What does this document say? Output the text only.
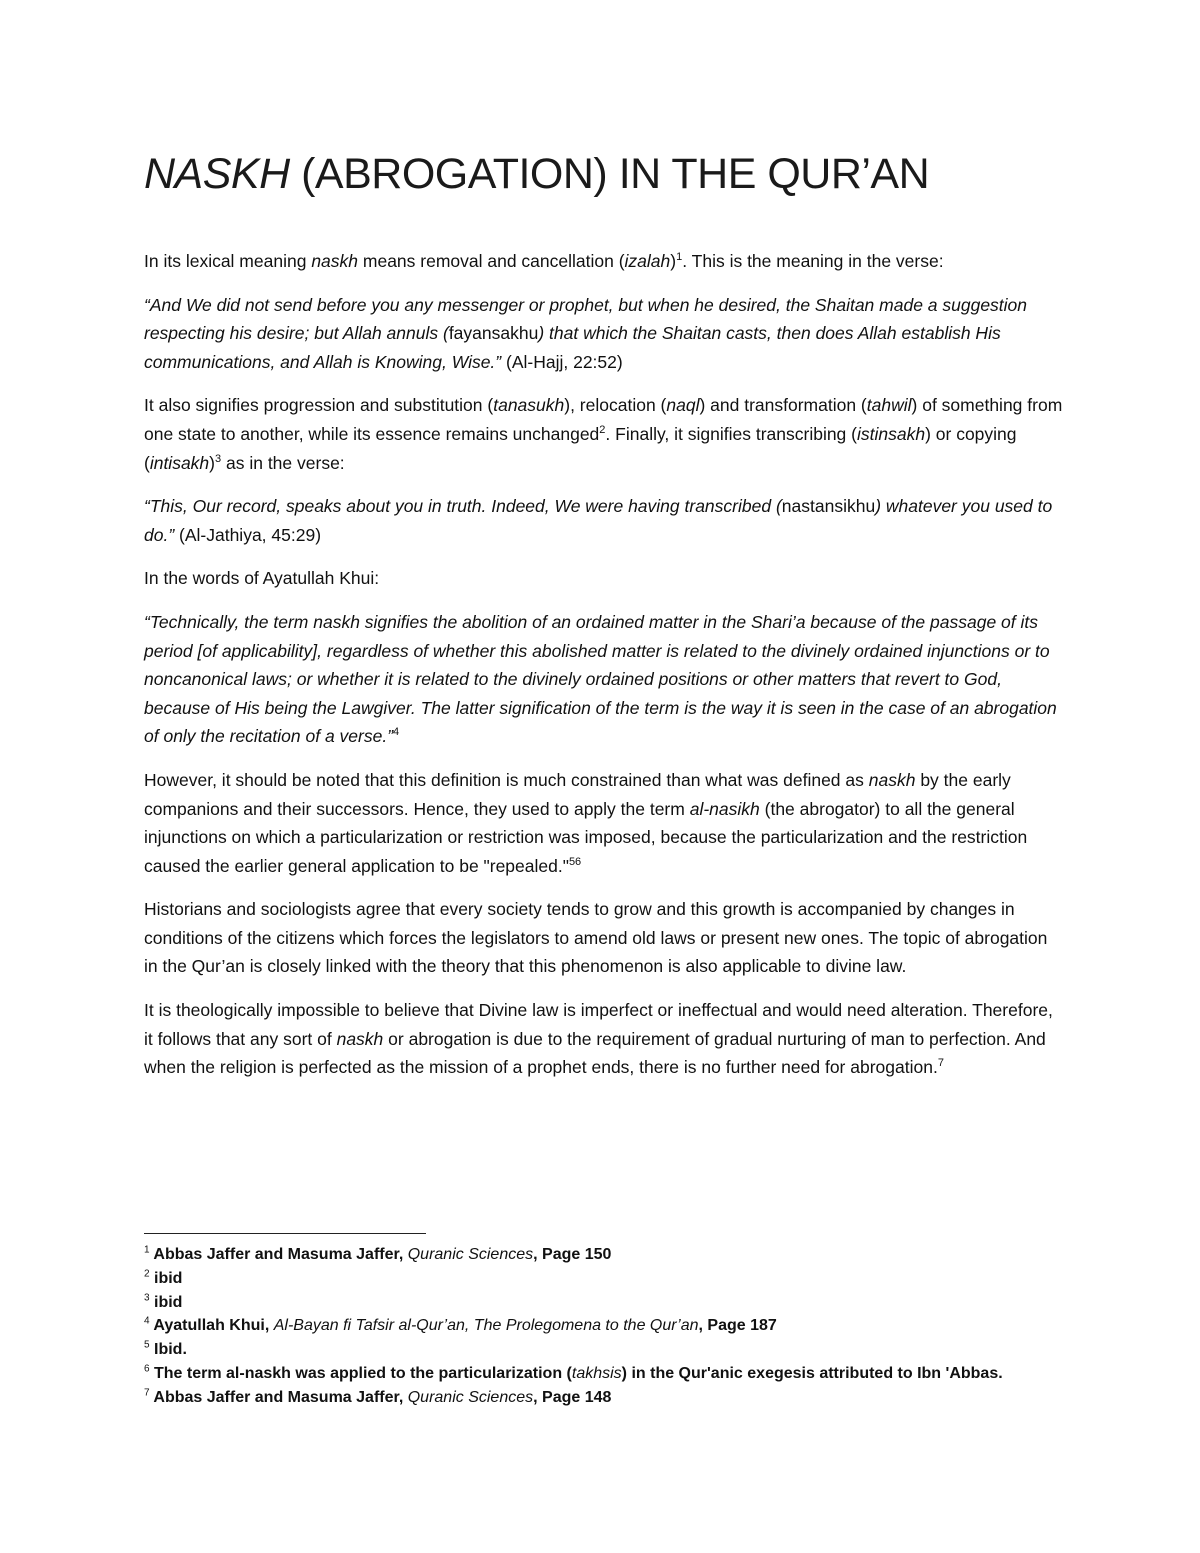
NASKH (ABROGATION) IN THE QUR’AN

In its lexical meaning naskh means removal and cancellation (izalah)$^1$. This is the meaning in the verse:

“And We did not send before you any messenger or prophet, but when he desired, the Shaitan made a suggestion respecting his desire; but Allah annuls (fayansakhu) that which the Shaitan casts, then does Allah establish His communications, and Allah is Knowing, Wise.” (Al-Hajj, 22:52)

It also signifies progression and substitution (tanasukh), relocation (naql) and transformation (tahwil) of something from one state to another, while its essence remains unchanged$^2$. Finally, it signifies transcribing (istinsakh) or copying (intisakh)$^3$ as in the verse:

“This, Our record, speaks about you in truth. Indeed, We were having transcribed (nastansikhu) whatever you used to do.” (Al-Jathiya, 45:29)

In the words of Ayatullah Khui:

“Technically, the term naskh signifies the abolition of an ordained matter in the Shari’a because of the passage of its period [of applicability], regardless of whether this abolished matter is related to the divinely ordained injunctions or to noncanonical laws; or whether it is related to the divinely ordained positions or other matters that revert to God, because of His being the Lawgiver. The latter signification of the term is the way it is seen in the case of an abrogation of only the recitation of a verse.”$^4$

However, it should be noted that this definition is much constrained than what was defined as naskh by the early companions and their successors. Hence, they used to apply the term al-nasikh (the abrogator) to all the general injunctions on which a particularization or restriction was imposed, because the particularization and the restriction caused the earlier general application to be "repealed."$^{56}$

Historians and sociologists agree that every society tends to grow and this growth is accompanied by changes in conditions of the citizens which forces the legislators to amend old laws or present new ones. The topic of abrogation in the Qur’an is closely linked with the theory that this phenomenon is also applicable to divine law.

It is theologically impossible to believe that Divine law is imperfect or ineffectual and would need alteration. Therefore, it follows that any sort of naskh or abrogation is due to the requirement of gradual nurturing of man to perfection. And when the religion is perfected as the mission of a prophet ends, there is no further need for abrogation.$^7$

$^1$ Abbas Jaffer and Masuma Jaffer, Quranic Sciences, Page 150
$^2$ ibid
$^3$ ibid
$^4$ Ayatullah Khui, Al-Bayan fi Tafsir al-Qur’an, The Prolegomena to the Qur’an, Page 187
$^5$ Ibid.
$^6$ The term al-naskh was applied to the particularization (takhsis) in the Qur'anic exegesis attributed to Ibn 'Abbas.
$^7$ Abbas Jaffer and Masuma Jaffer, Quranic Sciences, Page 148
